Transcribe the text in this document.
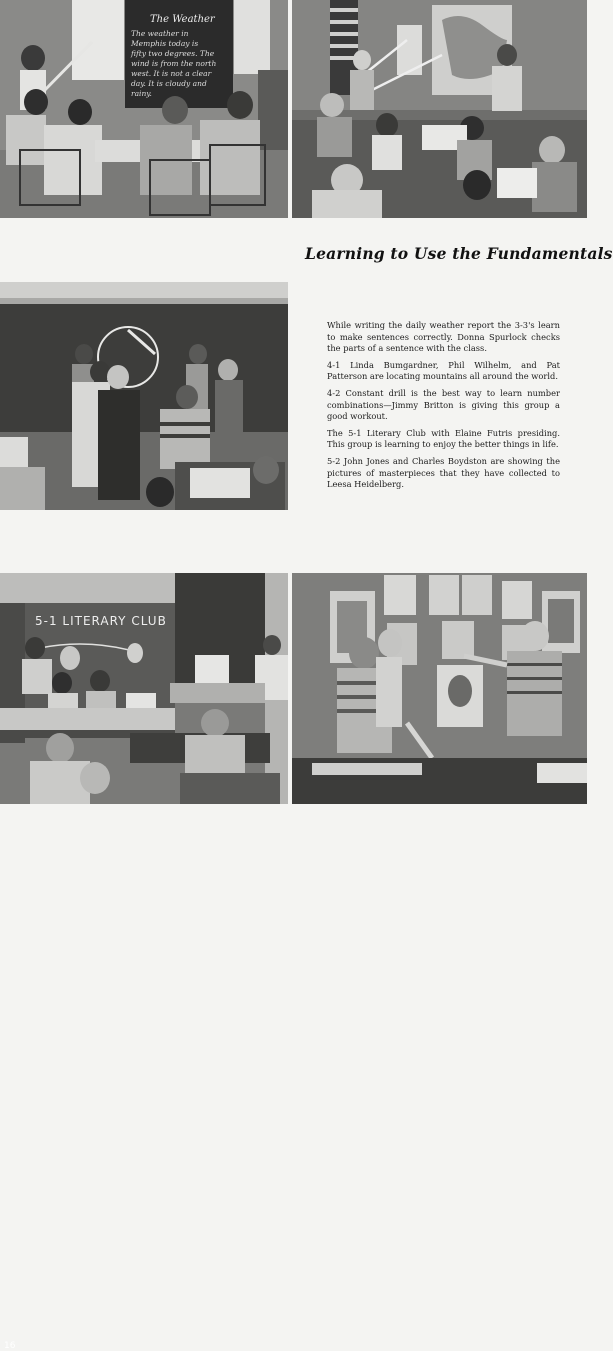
The Weather
The weather in
Memphis today is
fifty two degrees. The
wind is from the north
west. It is not a clear
day. It is cloudy and
rainy.
Learning to Use the Fundamentals

While writing the daily weather report the 3-3's learn to make sentences correctly. Donna Spurlock checks the parts of a sentence with the class.

4-1 Linda Bumgardner, Phil Wilhelm, and Pat Patterson are locating mountains all around the world.

4-2 Constant drill is the best way to learn number combinations—Jimmy Britton is giving this group a good workout.

The 5-1 Literary Club with Elaine Futris presiding. This group is learning to enjoy the better things in life.

5-2 John Jones and Charles Boydston are showing the pictures of masterpieces that they have collected to Leesa Heidelberg.

5-1 LITERARY CLUB
16
